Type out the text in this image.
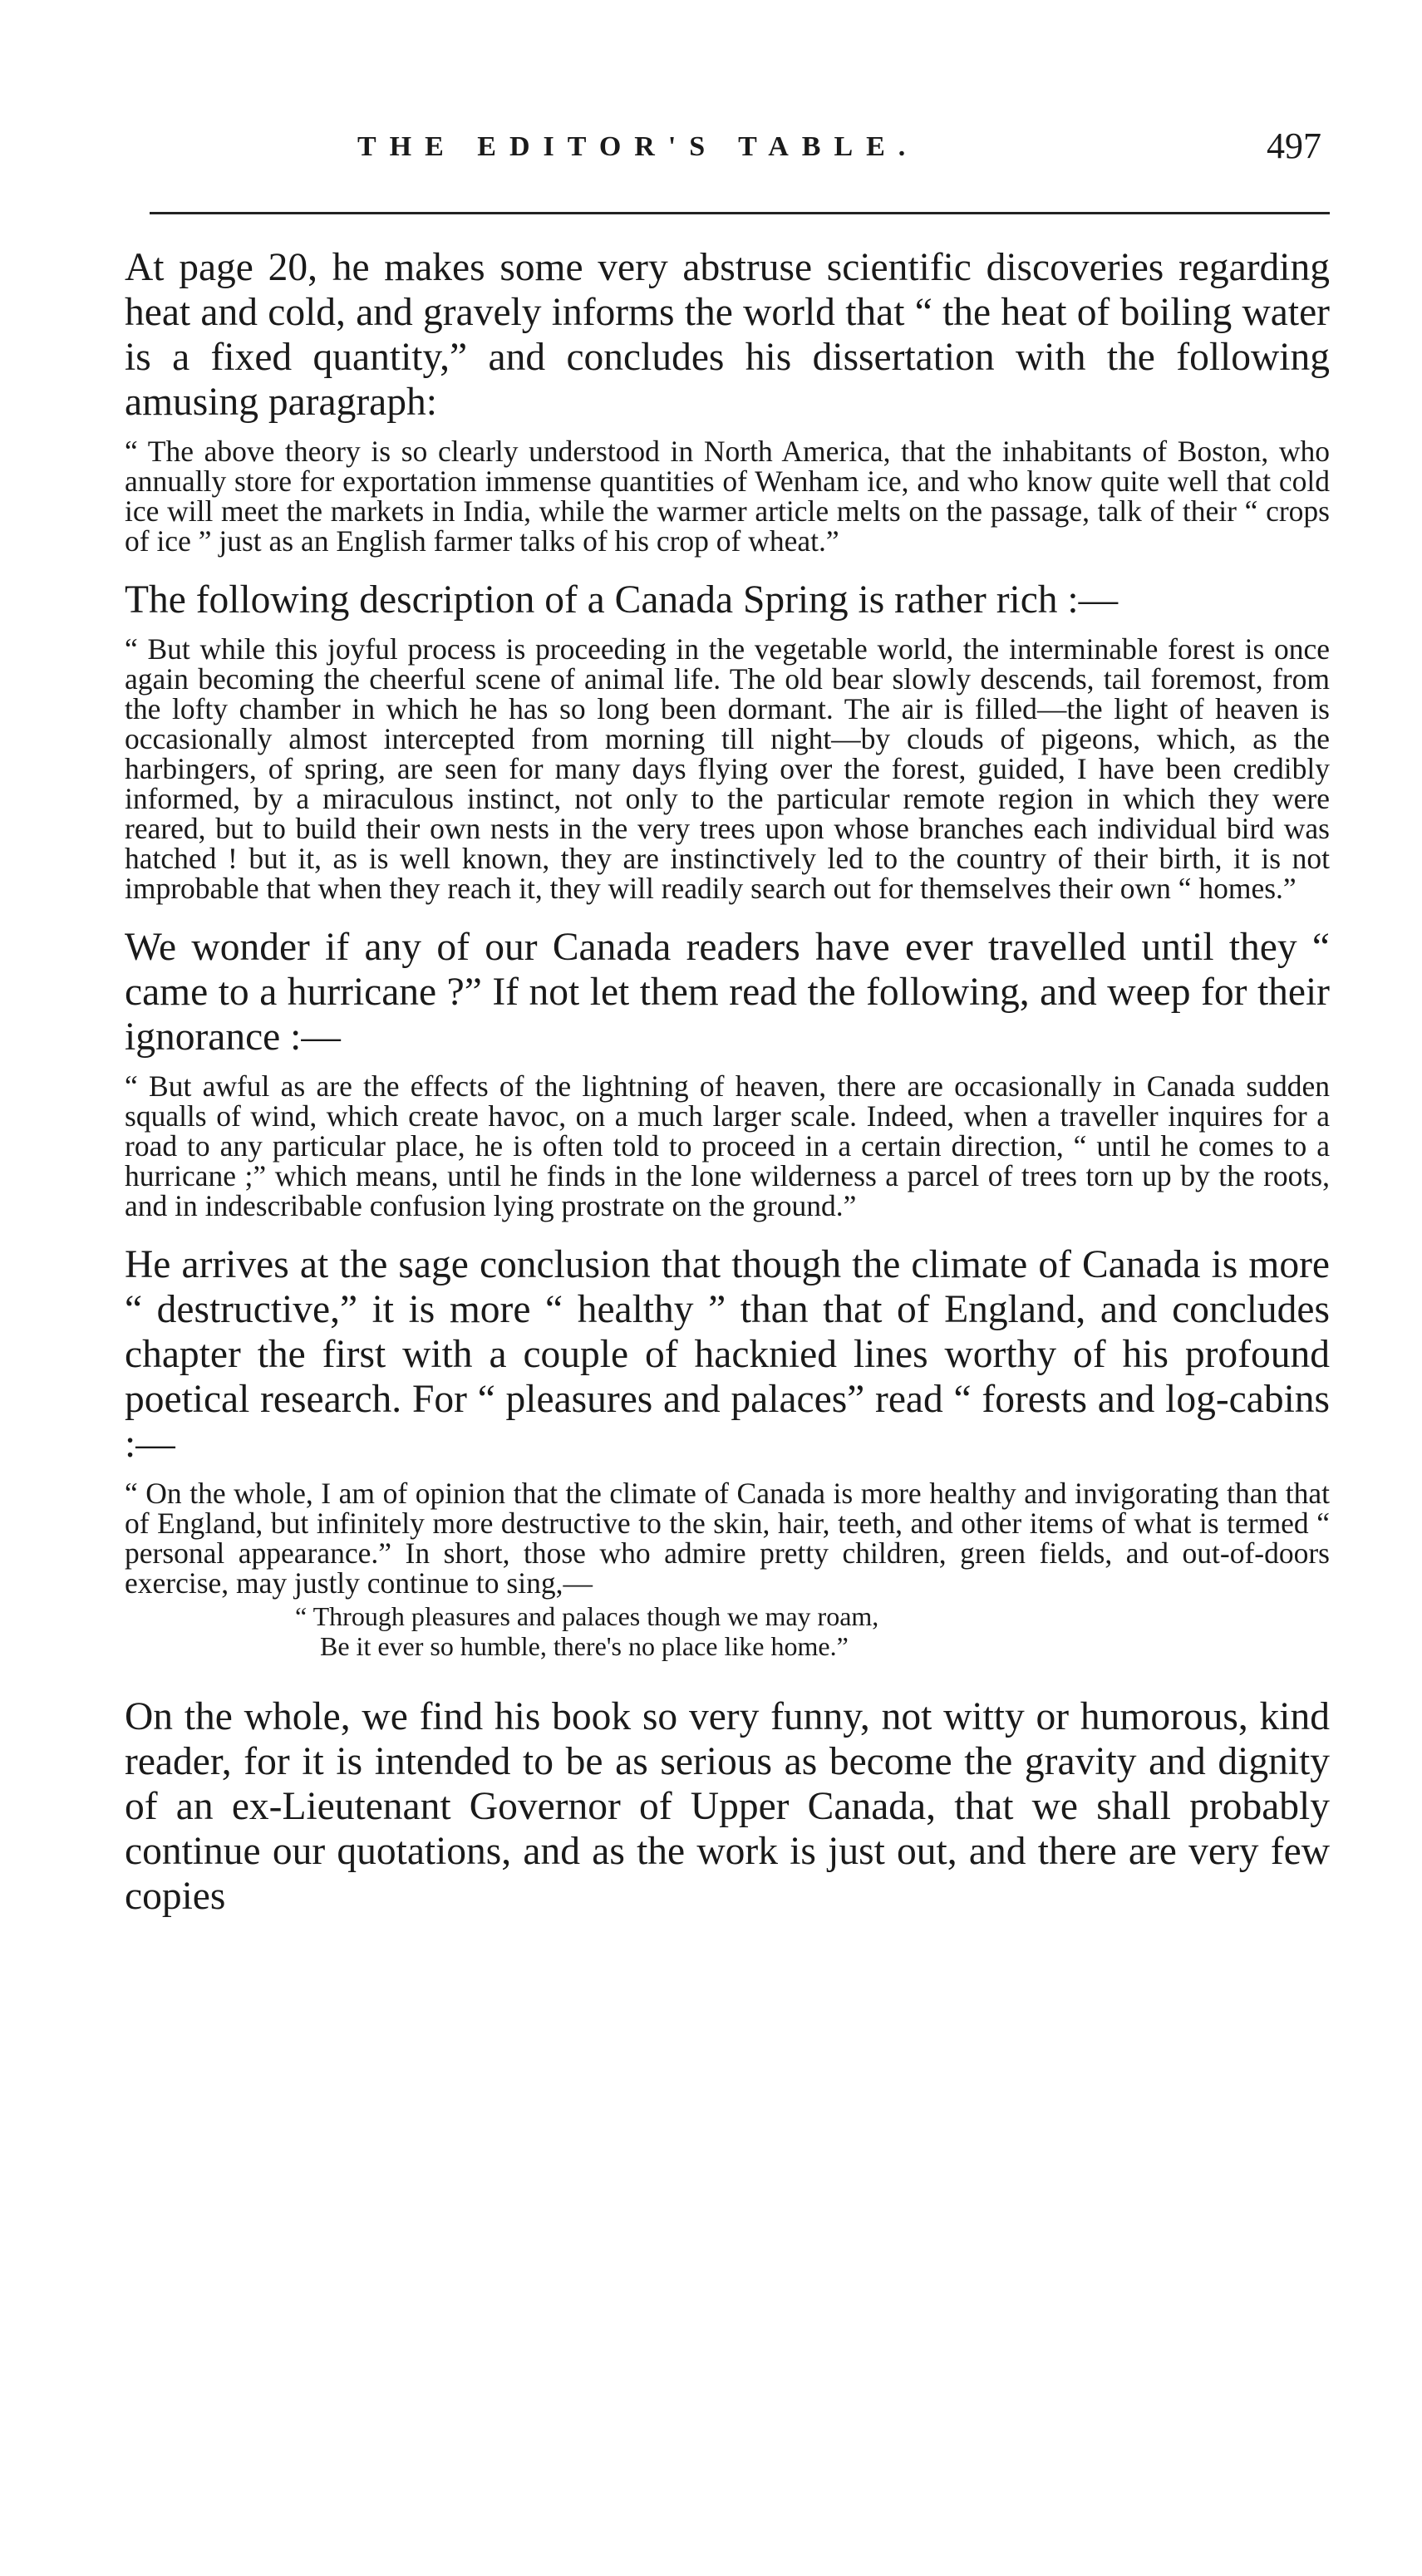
THE EDITOR'S TABLE.	497

At page 20, he makes some very abstruse scientific discoveries regarding heat and cold, and gravely informs the world that “ the heat of boiling water is a fixed quantity,” and concludes his dissertation with the following amusing paragraph:

“ The above theory is so clearly understood in North America, that the inhabitants of Boston, who annually store for exportation immense quantities of Wenham ice, and who know quite well that cold ice will meet the markets in India, while the warmer article melts on the passage, talk of their “ crops of ice ” just as an English farmer talks of his crop of wheat.”

The following description of a Canada Spring is rather rich :—

“ But while this joyful process is proceeding in the vegetable world, the interminable forest is once again becoming the cheerful scene of animal life. The old bear slowly descends, tail foremost, from the lofty chamber in which he has so long been dormant. The air is filled—the light of heaven is occasionally almost intercepted from morning till night—by clouds of pigeons, which, as the harbingers, of spring, are seen for many days flying over the forest, guided, I have been credibly informed, by a miraculous instinct, not only to the particular remote region in which they were reared, but to build their own nests in the very trees upon whose branches each individual bird was hatched ! but it, as is well known, they are instinctively led to the country of their birth, it is not improbable that when they reach it, they will readily search out for themselves their own “ homes.”

We wonder if any of our Canada readers have ever travelled until they “ came to a hurricane ?” If not let them read the following, and weep for their ignorance :—

“ But awful as are the effects of the lightning of heaven, there are occasionally in Canada sudden squalls of wind, which create havoc, on a much larger scale. Indeed, when a traveller inquires for a road to any particular place, he is often told to proceed in a certain direction, “ until he comes to a hurricane ;” which means, until he finds in the lone wilderness a parcel of trees torn up by the roots, and in indescribable confusion lying prostrate on the ground.”

He arrives at the sage conclusion that though the climate of Canada is more “ destructive,” it is more “ healthy ” than that of England, and concludes chapter the first with a couple of hacknied lines worthy of his profound poetical research. For “ pleasures and palaces” read “ forests and log-cabins :—

“ On the whole, I am of opinion that the climate of Canada is more healthy and invigorating than that of England, but infinitely more destructive to the skin, hair, teeth, and other items of what is termed “ personal appearance.” In short, those who admire pretty children, green fields, and out-of-doors exercise, may justly continue to sing,—

“ Through pleasures and palaces though we may roam,
Be it ever so humble, there's no place like home.”

On the whole, we find his book so very funny, not witty or humorous, kind reader, for it is intended to be as serious as become the gravity and dignity of an ex-Lieutenant Governor of Upper Canada, that we shall probably continue our quotations, and as the work is just out, and there are very few copies
